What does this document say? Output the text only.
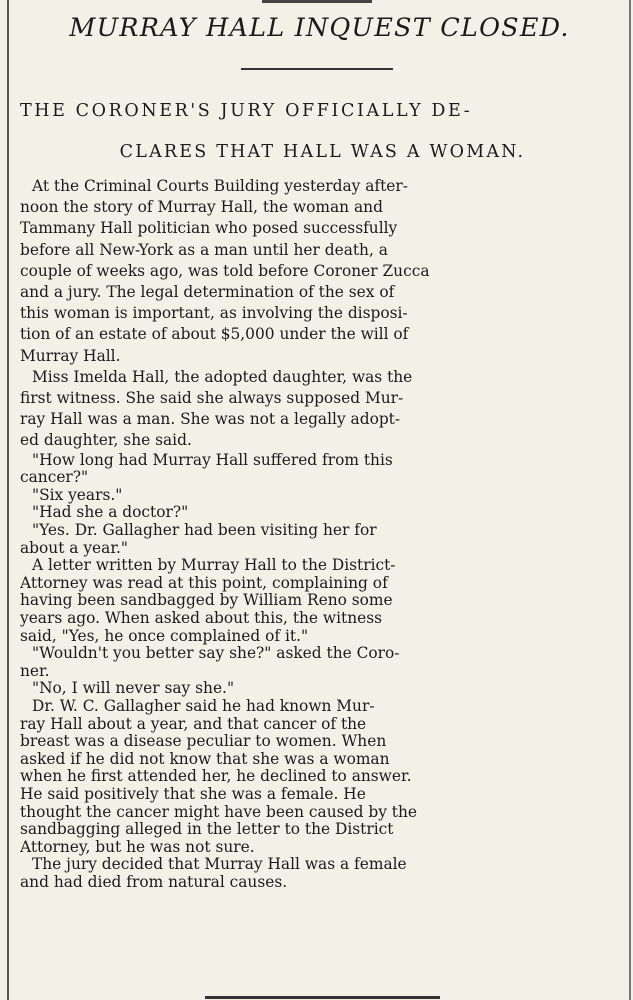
MURRAY HALL INQUEST CLOSED.
THE CORONER'S JURY OFFICIALLY DE-
CLARES THAT HALL WAS A WOMAN.
At the Criminal Courts Building yesterday after-
noon the story of Murray Hall, the woman and
Tammany Hall politician who posed successfully
before all New-York as a man until her death, a
couple of weeks ago, was told before Coroner Zucca
and a jury. The legal determination of the sex of
this woman is important, as involving the disposi-
tion of an estate of about $5,000 under the will of
Murray Hall.
Miss Imelda Hall, the adopted daughter, was the
first witness. She said she always supposed Mur-
ray Hall was a man. She was not a legally adopt-
ed daughter, she said.
"How long had Murray Hall suffered from this
cancer?"
"Six years."
"Had she a doctor?"
"Yes. Dr. Gallagher had been visiting her for
about a year."
A letter written by Murray Hall to the District-
Attorney was read at this point, complaining of
having been sandbagged by William Reno some
years ago. When asked about this, the witness
said, "Yes, he once complained of it."
"Wouldn't you better say she?" asked the Coro-
ner.
"No, I will never say she."
Dr. W. C. Gallagher said he had known Mur-
ray Hall about a year, and that cancer of the
breast was a disease peculiar to women. When
asked if he did not know that she was a woman
when he first attended her, he declined to answer.
He said positively that she was a female. He
thought the cancer might have been caused by the
sandbagging alleged in the letter to the District
Attorney, but he was not sure.
The jury decided that Murray Hall was a female
and had died from natural causes.
